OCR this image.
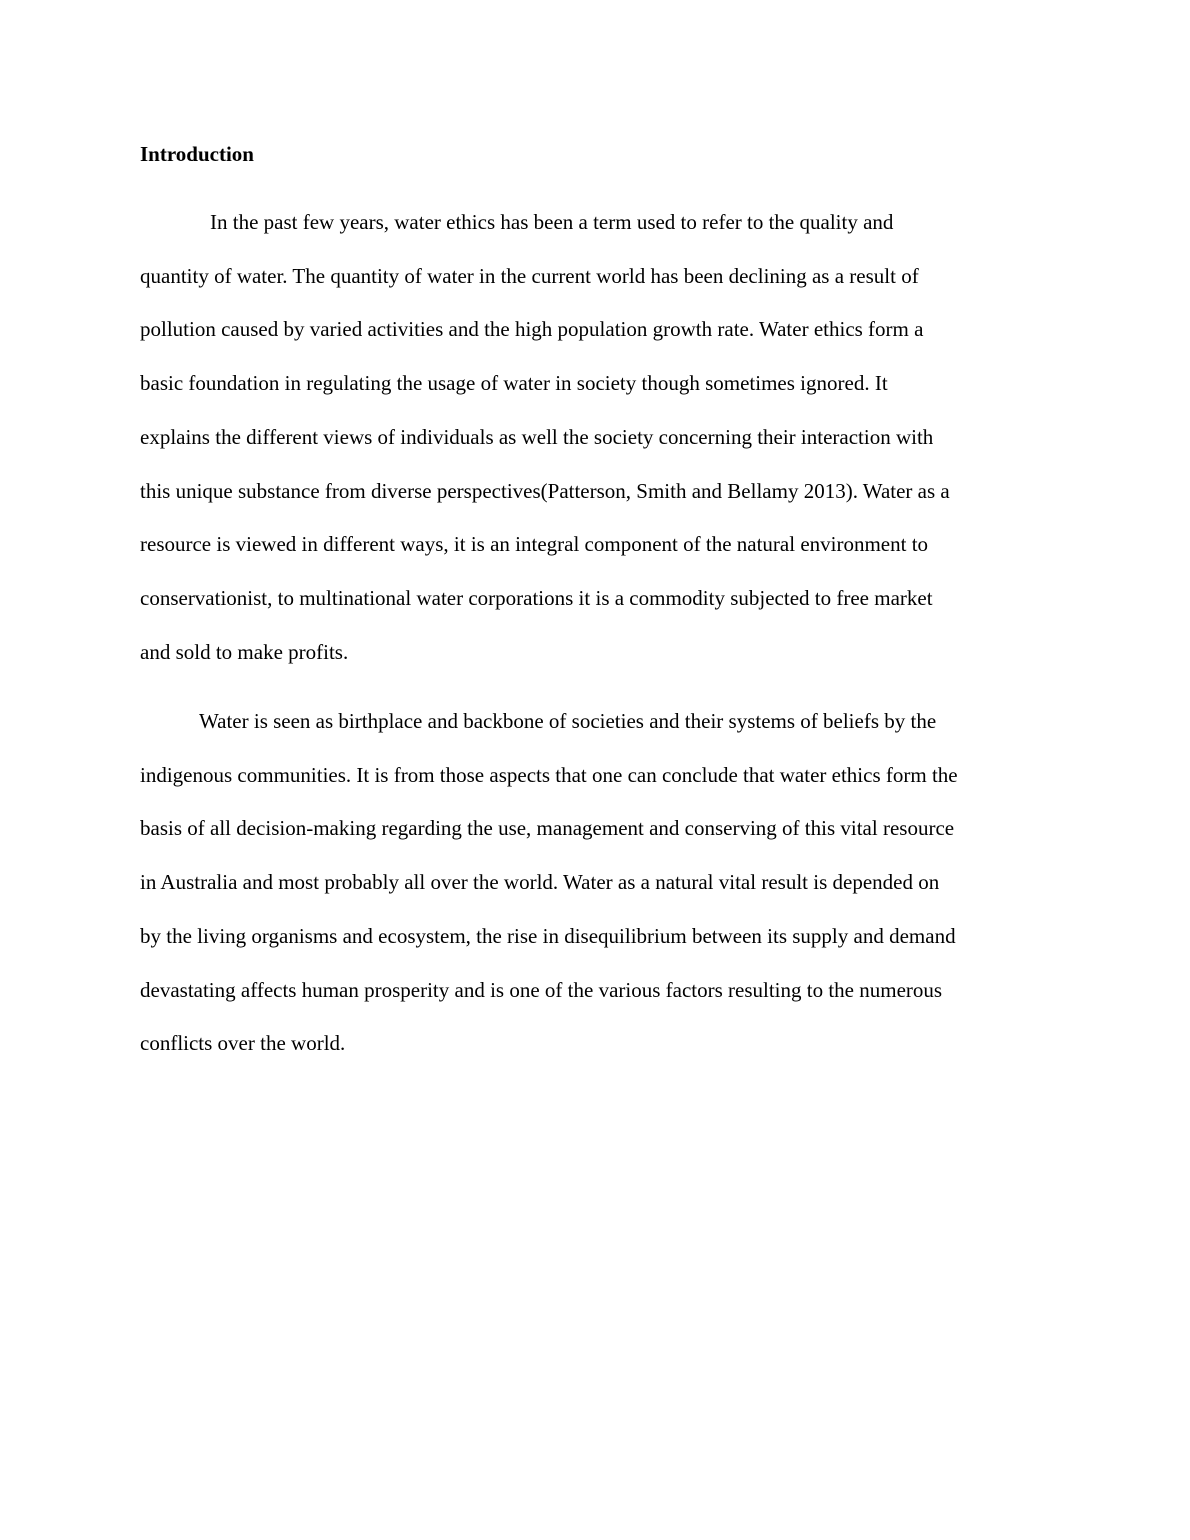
Introduction

In the past few years, water ethics has been a term used to refer to the quality and
quantity of water. The quantity of water in the current world has been declining as a result of
pollution caused by varied activities and the high population growth rate. Water ethics form a
basic foundation in regulating the usage of water in society though sometimes ignored. It
explains the different views of individuals as well the society concerning their interaction with
this unique substance from diverse perspectives(Patterson, Smith and Bellamy 2013). Water as a
resource is viewed in different ways, it is an integral component of the natural environment to
conservationist, to multinational water corporations it is a commodity subjected to free market
and sold to make profits.

Water is seen as birthplace and backbone of societies and their systems of beliefs by the
indigenous communities. It is from those aspects that one can conclude that water ethics form the
basis of all decision-making regarding the use, management and conserving of this vital resource
in Australia and most probably all over the world. Water as a natural vital result is depended on
by the living organisms and ecosystem, the rise in disequilibrium between its supply and demand
devastating affects human prosperity and is one of the various factors resulting to the numerous
conflicts over the world.
